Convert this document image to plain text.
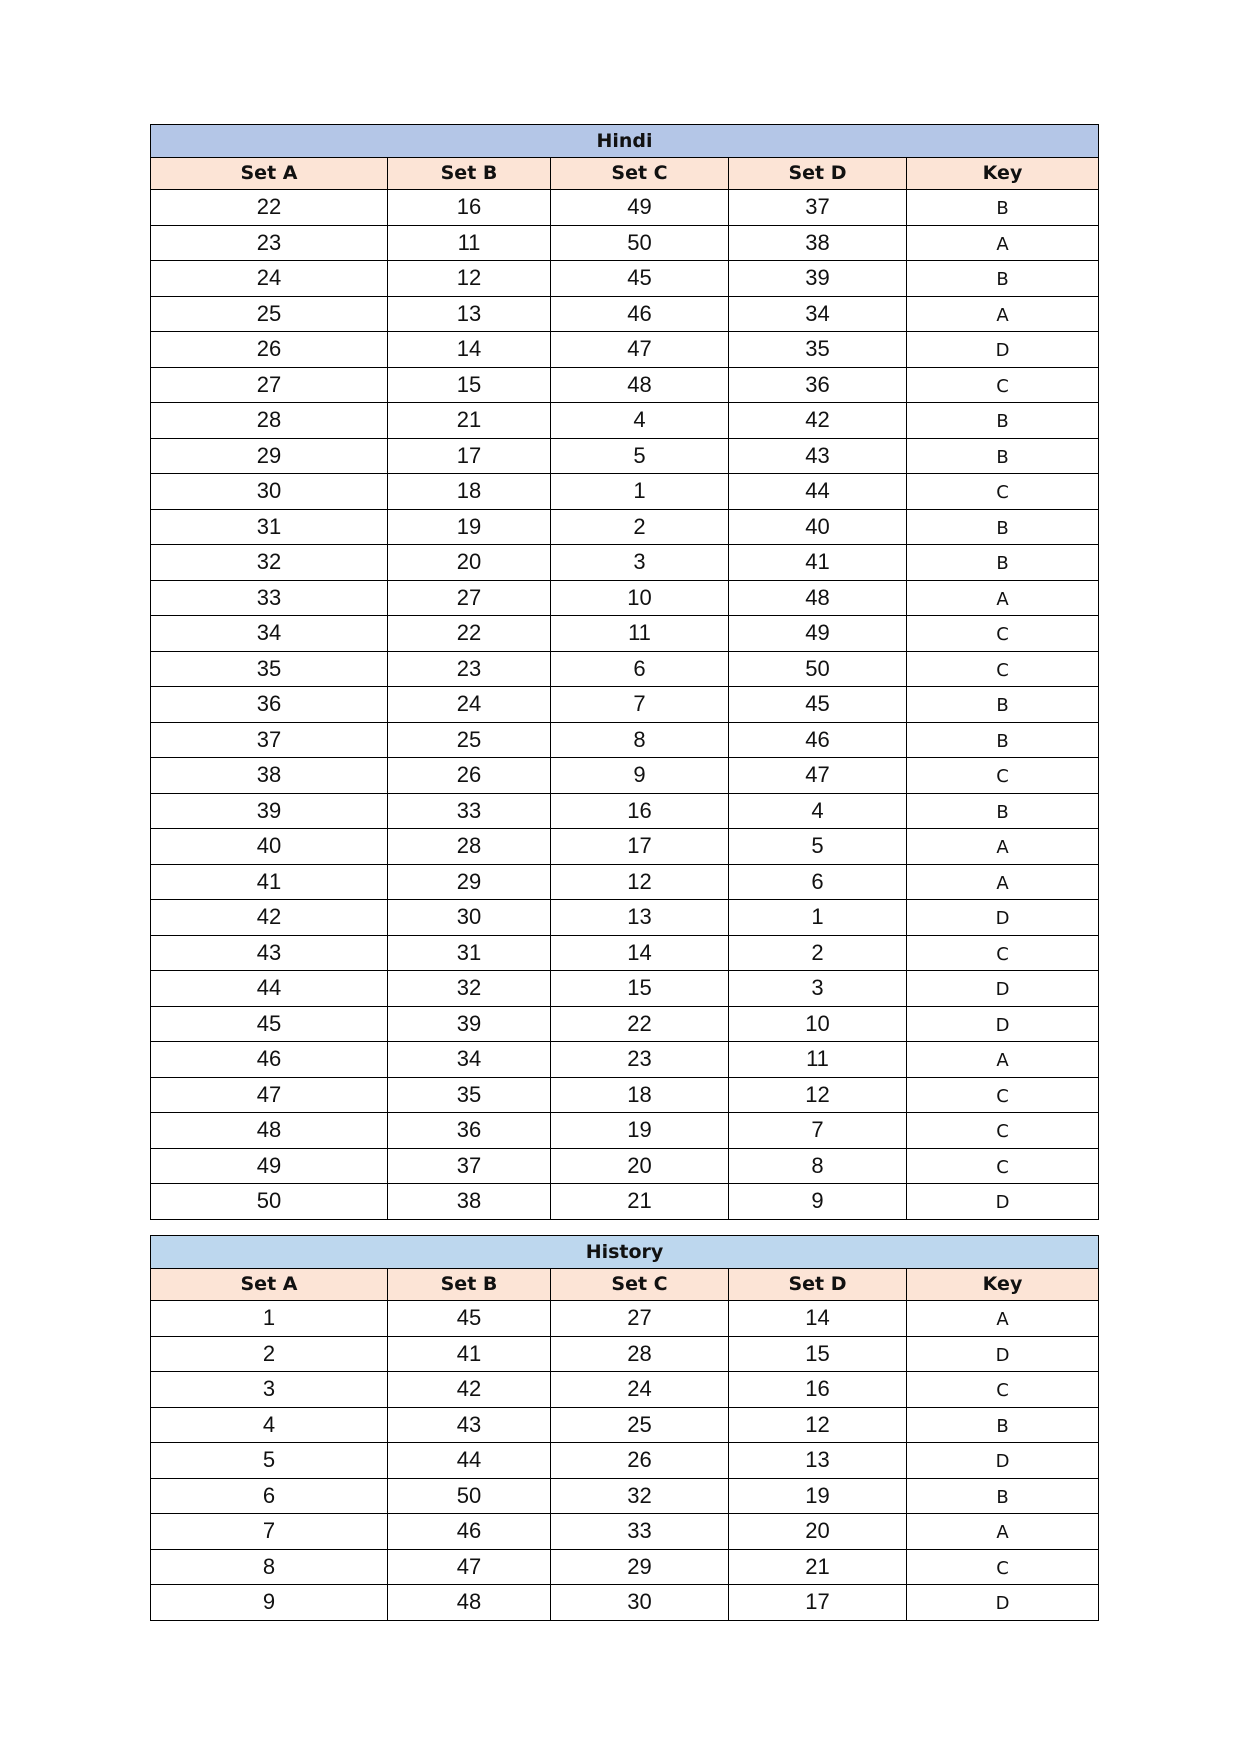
Hindi				
Set A	Set B	Set C	Set D	Key
22	16	49	37	B
23	11	50	38	A
24	12	45	39	B
25	13	46	34	A
26	14	47	35	D
27	15	48	36	C
28	21	4	42	B
29	17	5	43	B
30	18	1	44	C
31	19	2	40	B
32	20	3	41	B
33	27	10	48	A
34	22	11	49	C
35	23	6	50	C
36	24	7	45	B
37	25	8	46	B
38	26	9	47	C
39	33	16	4	B
40	28	17	5	A
41	29	12	6	A
42	30	13	1	D
43	31	14	2	C
44	32	15	3	D
45	39	22	10	D
46	34	23	11	A
47	35	18	12	C
48	36	19	7	C
49	37	20	8	C
50	38	21	9	D
History				
Set A	Set B	Set C	Set D	Key
1	45	27	14	A
2	41	28	15	D
3	42	24	16	C
4	43	25	12	B
5	44	26	13	D
6	50	32	19	B
7	46	33	20	A
8	47	29	21	C
9	48	30	17	D
